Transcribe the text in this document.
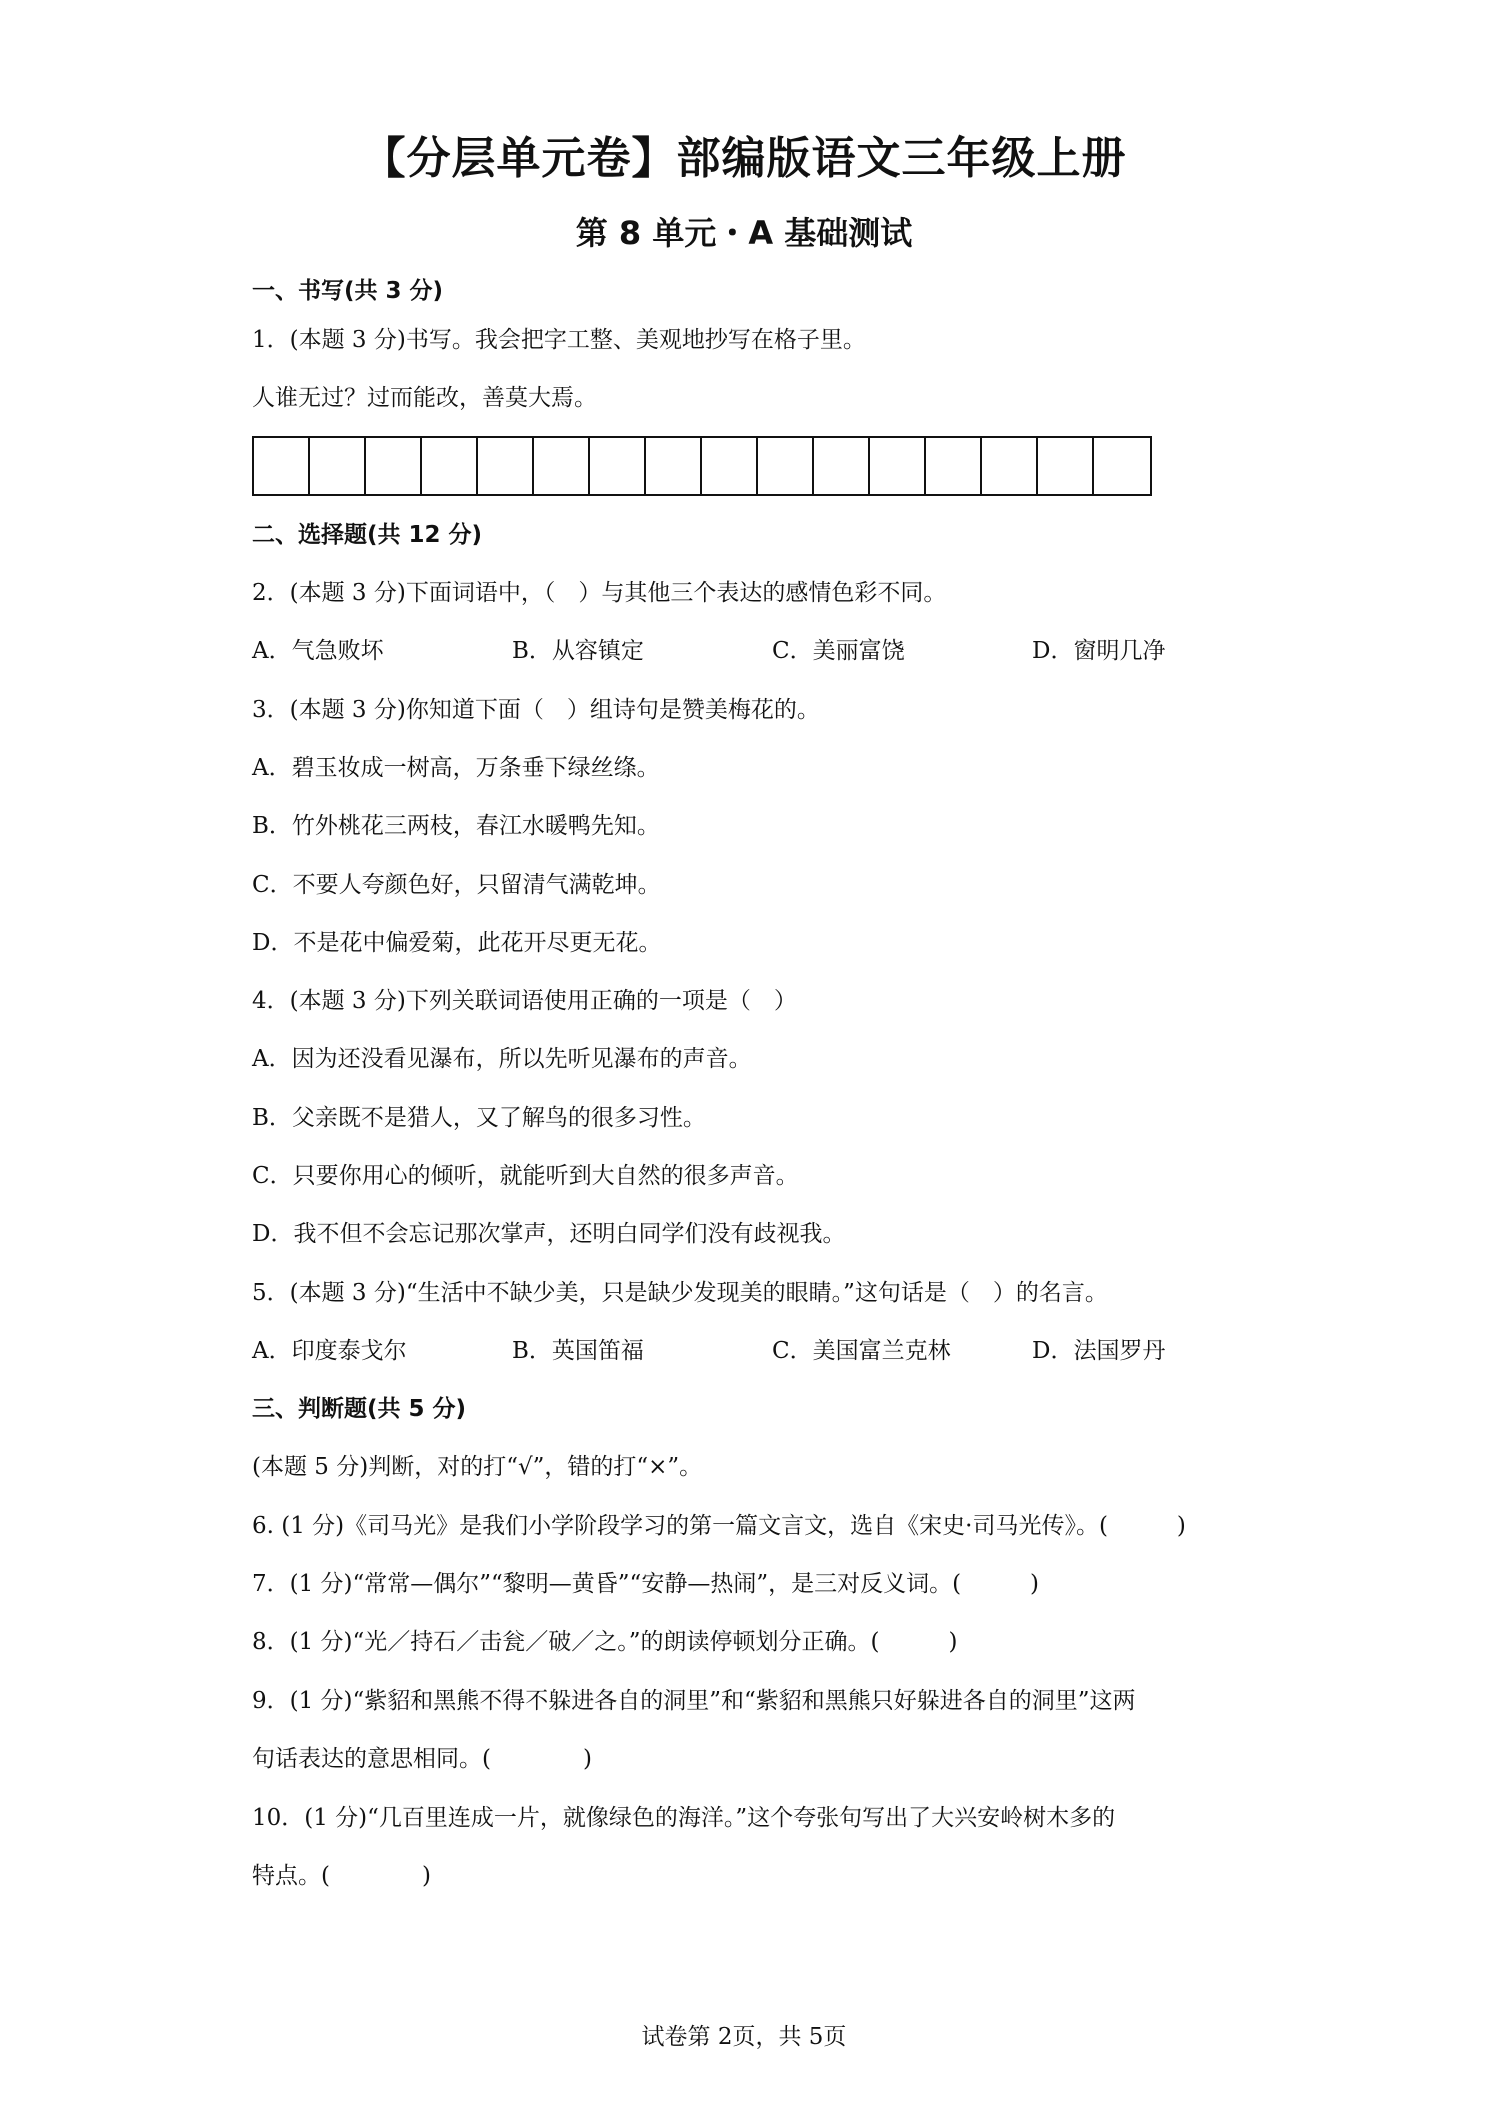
【分层单元卷】部编版语文三年级上册
第 8 单元・A 基础测试
一、书写(共 3 分)
1．(本题 3 分)书写。我会把字工整、美观地抄写在格子里。
人谁无过？过而能改，善莫大焉。
二、选择题(共 12 分)
2．(本题 3 分)下面词语中，（　）与其他三个表达的感情色彩不同。
A．气急败坏	B．从容镇定	C．美丽富饶	D．窗明几净
3．(本题 3 分)你知道下面（　）组诗句是赞美梅花的。
A．碧玉妆成一树高，万条垂下绿丝绦。
B．竹外桃花三两枝，春江水暖鸭先知。
C．不要人夸颜色好，只留清气满乾坤。
D．不是花中偏爱菊，此花开尽更无花。
4．(本题 3 分)下列关联词语使用正确的一项是（　）
A．因为还没看见瀑布，所以先听见瀑布的声音。
B．父亲既不是猎人，又了解鸟的很多习性。
C．只要你用心的倾听，就能听到大自然的很多声音。
D．我不但不会忘记那次掌声，还明白同学们没有歧视我。
5．(本题 3 分)“生活中不缺少美，只是缺少发现美的眼睛。”这句话是（　）的名言。
A．印度泰戈尔	B．英国笛福	C．美国富兰克林	D．法国罗丹
三、判断题(共 5 分)
(本题 5 分)判断，对的打“√”，错的打“×”。
6. (1 分)《司马光》是我们小学阶段学习的第一篇文言文，选自《宋史·司马光传》。(　　　)
7．(1 分)“常常—偶尔”“黎明—黄昏”“安静—热闹”，是三对反义词。(　　　)
8．(1 分)“光／持石／击瓮／破／之。”的朗读停顿划分正确。(　　　)
9．(1 分)“紫貂和黑熊不得不躲进各自的洞里”和“紫貂和黑熊只好躲进各自的洞里”这两
句话表达的意思相同。(　　　　)
10．(1 分)“几百里连成一片，就像绿色的海洋。”这个夸张句写出了大兴安岭树木多的
特点。(　　　　)
试卷第 2页，共 5页
